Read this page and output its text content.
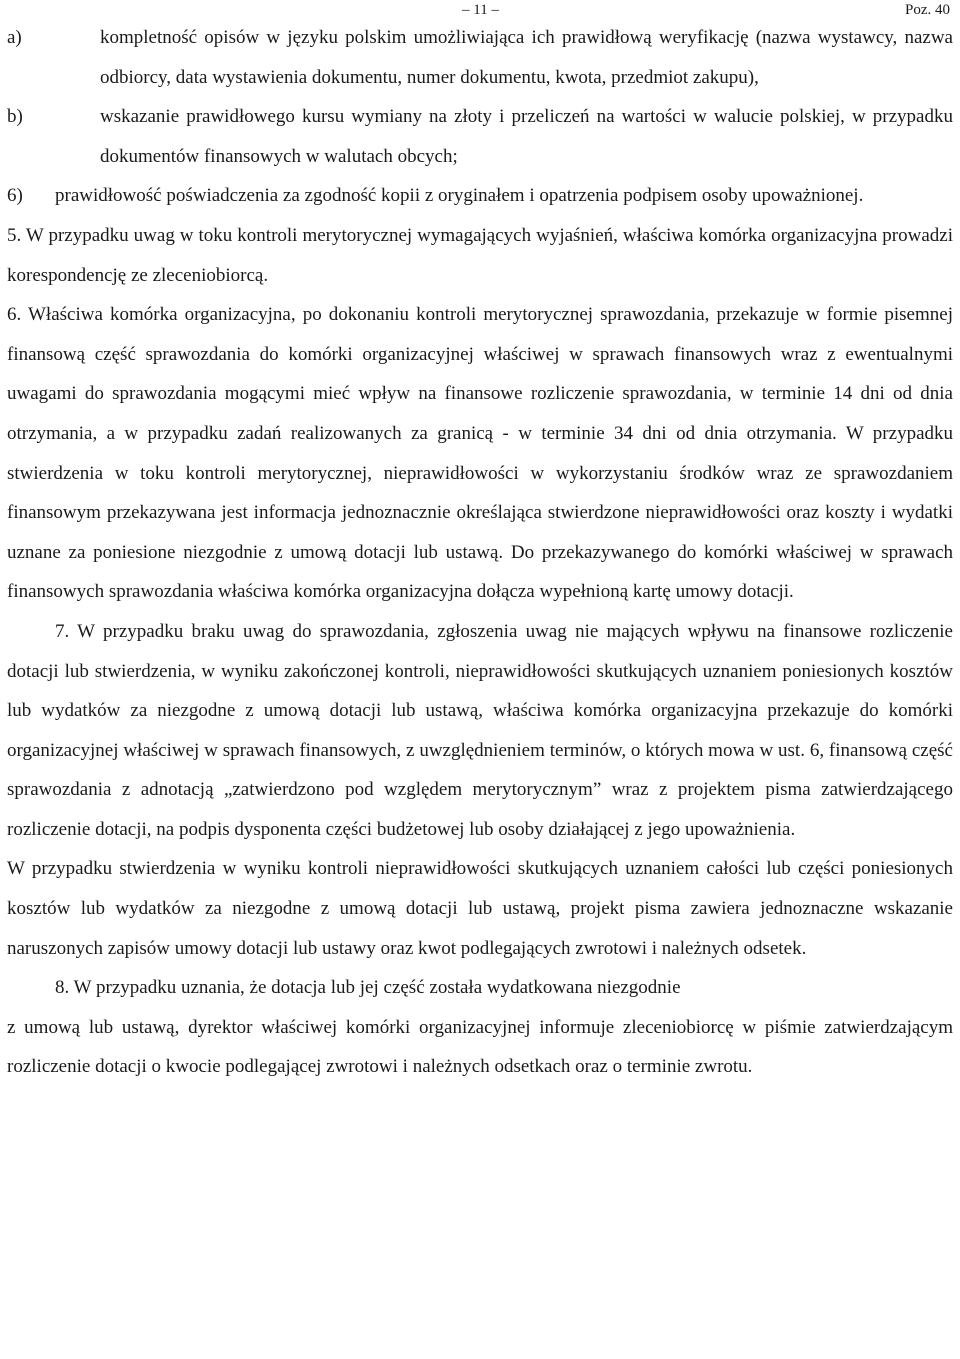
– 11 –	Poz. 40
a)	kompletność opisów w języku polskim umożliwiająca ich prawidłową weryfikację (nazwa wystawcy, nazwa odbiorcy, data wystawienia dokumentu, numer dokumentu, kwota, przedmiot zakupu),
b)	wskazanie prawidłowego kursu wymiany na złoty i przeliczeń na wartości w walucie polskiej, w przypadku dokumentów finansowych w walutach obcych;
6)	prawidłowość poświadczenia za zgodność kopii z oryginałem i opatrzenia podpisem osoby upoważnionej.

5. W przypadku uwag w toku kontroli merytorycznej wymagających wyjaśnień, właściwa komórka organizacyjna prowadzi korespondencję ze zleceniobiorcą.

6. Właściwa komórka organizacyjna, po dokonaniu kontroli merytorycznej sprawozdania, przekazuje w formie pisemnej finansową część sprawozdania do komórki organizacyjnej właściwej w sprawach finansowych wraz z ewentualnymi uwagami do sprawozdania mogącymi mieć wpływ na finansowe rozliczenie sprawozdania, w terminie 14 dni od dnia otrzymania, a w przypadku zadań realizowanych za granicą - w terminie 34 dni od dnia otrzymania. W przypadku stwierdzenia w toku kontroli merytorycznej, nieprawidłowości w wykorzystaniu środków wraz ze sprawozdaniem finansowym przekazywana jest informacja jednoznacznie określająca stwierdzone nieprawidłowości oraz koszty i wydatki uznane za poniesione niezgodnie z umową dotacji lub ustawą. Do przekazywanego do komórki właściwej w sprawach finansowych sprawozdania właściwa komórka organizacyjna dołącza wypełnioną kartę umowy dotacji.

7. W przypadku braku uwag do sprawozdania, zgłoszenia uwag nie mających wpływu na finansowe rozliczenie dotacji lub stwierdzenia, w wyniku zakończonej kontroli, nieprawidłowości skutkujących uznaniem poniesionych kosztów lub wydatków za niezgodne z umową dotacji lub ustawą, właściwa komórka organizacyjna przekazuje do komórki organizacyjnej właściwej w sprawach finansowych, z uwzględnieniem terminów, o których mowa w ust. 6, finansową część sprawozdania z adnotacją „zatwierdzono pod względem merytorycznym” wraz z projektem pisma zatwierdzającego rozliczenie dotacji, na podpis dysponenta części budżetowej lub osoby działającej z jego upoważnienia.

W przypadku stwierdzenia w wyniku kontroli nieprawidłowości skutkujących uznaniem całości lub części poniesionych kosztów lub wydatków za niezgodne z umową dotacji lub ustawą, projekt pisma zawiera jednoznaczne wskazanie naruszonych zapisów umowy dotacji lub ustawy oraz kwot podlegających zwrotowi i należnych odsetek.

8. W przypadku uznania, że dotacja lub jej część została wydatkowana niezgodnie

z umową lub ustawą, dyrektor właściwej komórki organizacyjnej informuje zleceniobiorcę w piśmie zatwierdzającym rozliczenie dotacji o kwocie podlegającej zwrotowi i należnych odsetkach oraz o terminie zwrotu.
